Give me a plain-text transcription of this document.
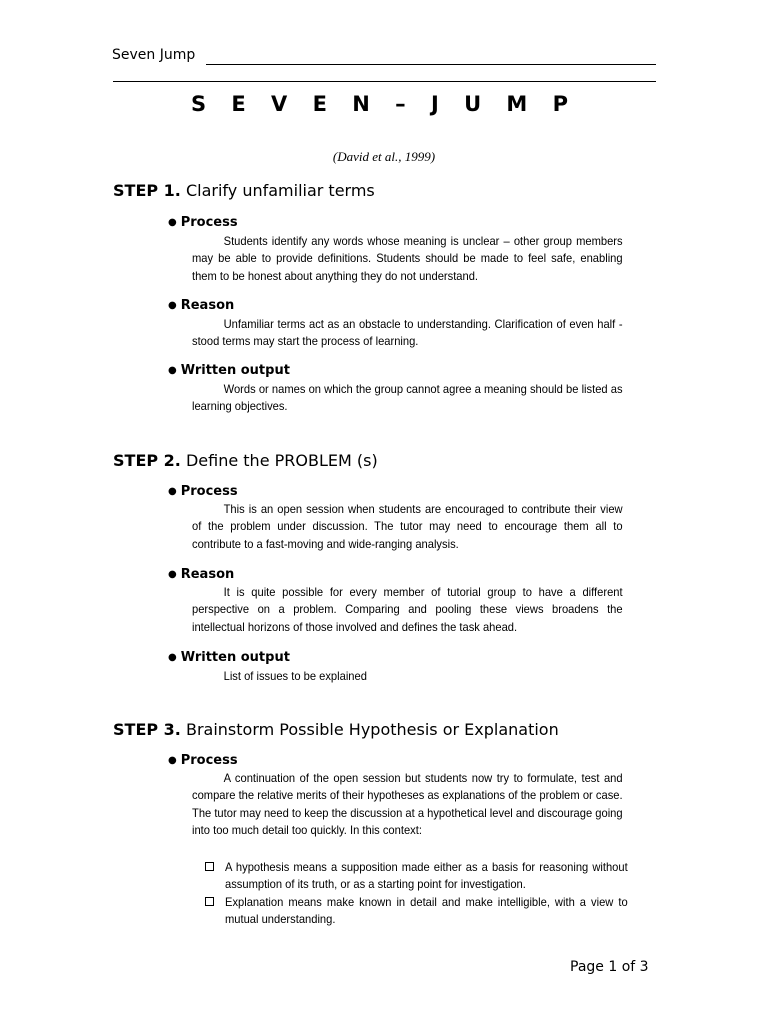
Seven Jump
S E V E N – J U M P
(David et al., 1999)
STEP 1. Clarify unfamiliar terms
● Process
Students identify any words whose meaning is unclear – other group members may be able to provide definitions. Students should be made to feel safe, enabling them to be honest about anything they do not understand.
● Reason
Unfamiliar terms act as an obstacle to understanding. Clarification of even half - stood terms may start the process of learning.
● Written output
Words or names on which the group cannot agree a meaning should be listed as learning objectives.
STEP 2. Define the PROBLEM (s)
● Process
This is an open session when students are encouraged to contribute their view of the problem under discussion. The tutor may need to encourage them all to contribute to a fast-moving and wide-ranging analysis.
● Reason
It is quite possible for every member of tutorial group to have a different perspective on a problem. Comparing and pooling these views broadens the intellectual horizons of those involved and defines the task ahead.
● Written output
List of issues to be explained
STEP 3. Brainstorm Possible Hypothesis or Explanation
● Process
A continuation of the open session but students now try to formulate, test and compare the relative merits of their hypotheses as explanations of the problem or case. The tutor may need to keep the discussion at a hypothetical level and discourage going into too much detail too quickly. In this context:
A hypothesis means a supposition made either as a basis for reasoning without assumption of its truth, or as a starting point for investigation.
Explanation means make known in detail and make intelligible, with a view to mutual understanding.
Page 1 of 3
